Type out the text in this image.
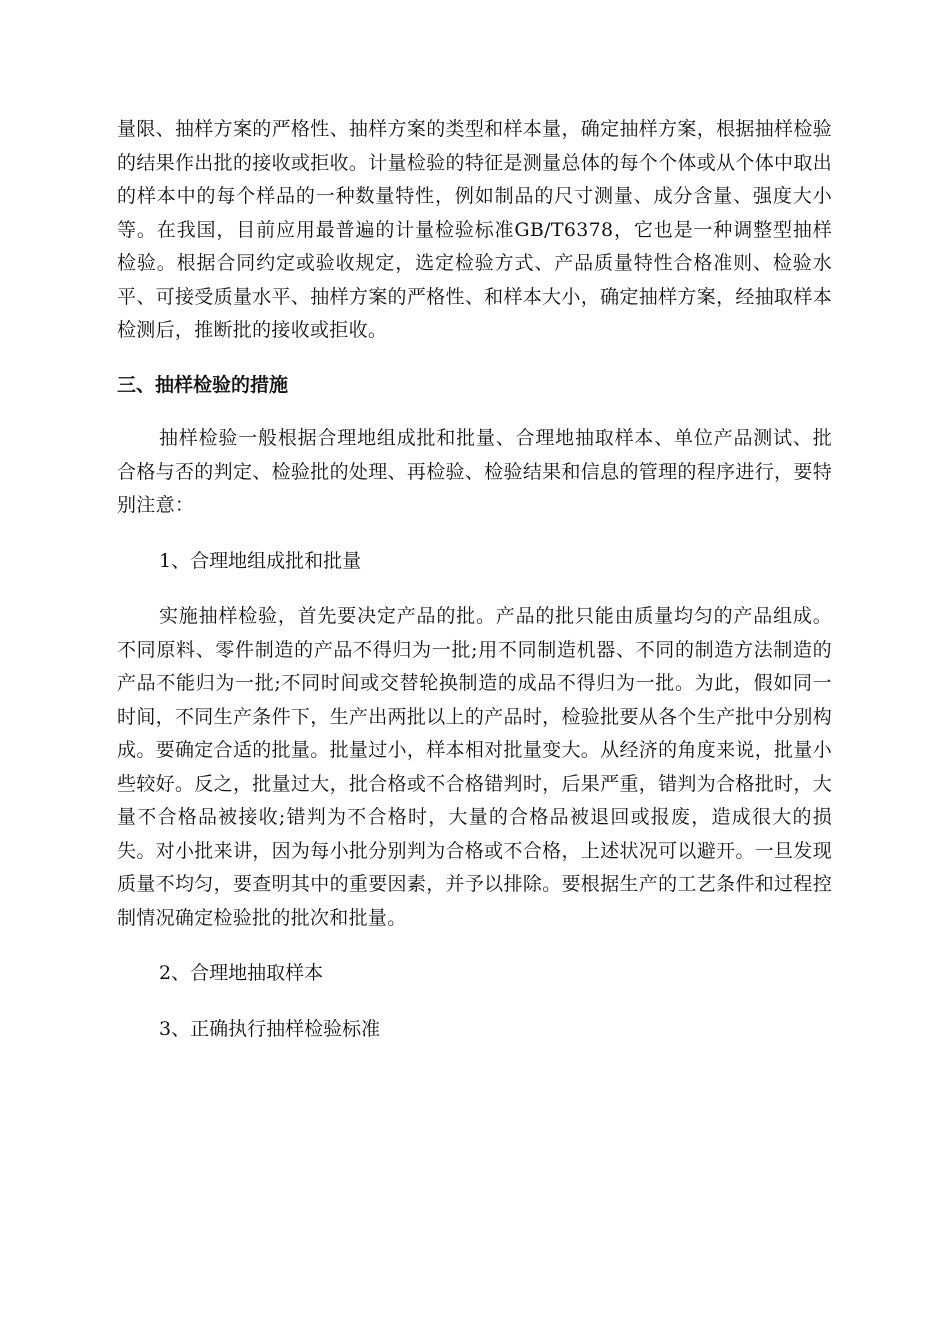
量限、抽样方案的严格性、抽样方案的类型和样本量，确定抽样方案，根据抽样检验的结果作出批的接收或拒收。计量检验的特征是测量总体的每个个体或从个体中取出的样本中的每个样品的一种数量特性，例如制品的尺寸测量、成分含量、强度大小等。在我国，目前应用最普遍的计量检验标准GB/T6378，它也是一种调整型抽样检验。根据合同约定或验收规定，选定检验方式、产品质量特性合格准则、检验水平、可接受质量水平、抽样方案的严格性、和样本大小，确定抽样方案，经抽取样本检测后，推断批的接收或拒收。

三、抽样检验的措施

抽样检验一般根据合理地组成批和批量、合理地抽取样本、单位产品测试、批合格与否的判定、检验批的处理、再检验、检验结果和信息的管理的程序进行，要特别注意：

1、合理地组成批和批量

实施抽样检验，首先要决定产品的批。产品的批只能由质量均匀的产品组成。不同原料、零件制造的产品不得归为一批;用不同制造机器、不同的制造方法制造的产品不能归为一批;不同时间或交替轮换制造的成品不得归为一批。为此，假如同一时间，不同生产条件下，生产出两批以上的产品时，检验批要从各个生产批中分别构成。要确定合适的批量。批量过小，样本相对批量变大。从经济的角度来说，批量小些较好。反之，批量过大，批合格或不合格错判时，后果严重，错判为合格批时，大量不合格品被接收;错判为不合格时，大量的合格品被退回或报废，造成很大的损失。对小批来讲，因为每小批分别判为合格或不合格，上述状况可以避开。一旦发现质量不均匀，要查明其中的重要因素，并予以排除。要根据生产的工艺条件和过程控制情况确定检验批的批次和批量。

2、合理地抽取样本

3、正确执行抽样检验标准
